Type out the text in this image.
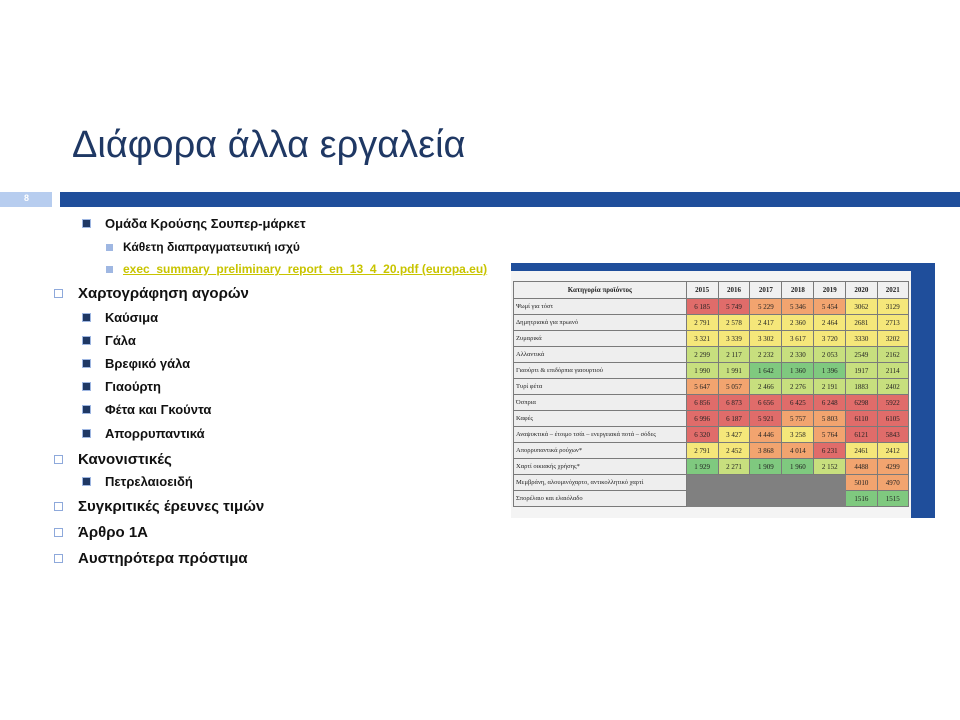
Διάφορα άλλα εργαλεία
8
Ομάδα Κρούσης Σουπερ-μάρκετ
Κάθετη διαπραγματευτική ισχύ
exec_summary_preliminary_report_en_13_4_20.pdf (europa.eu)
Χαρτογράφηση αγορών
Καύσιμα
Γάλα
Βρεφικό γάλα
Γιαούρτη
Φέτα και Γκούντα
Απορρυπαντικά
Κανονιστικές
Πετρελαιοειδή
Συγκριτικές έρευνες τιμών
Άρθρο 1Α
Αυστηρότερα πρόστιμα
Κατηγορία προϊόντος	2015	2016	2017	2018	2019	2020	2021
Ψωμί για τόστ	6 185	5 749	5 229	5 346	5 454	3062	3129
Δημητριακά για πρωινό	2 791	2 578	2 417	2 360	2 464	2681	2713
Ζυμαρικά	3 321	3 339	3 302	3 617	3 720	3330	3202
Αλλαντικά	2 299	2 117	2 232	2 330	2 053	2549	2162
Γιαούρτι & επιδόρπια γιαουρτιού	1 990	1 991	1 642	1 360	1 396	1917	2114
Τυρί φέτα	5 647	5 057	2 466	2 276	2 191	1883	2402
Όσπρια	6 856	6 873	6 656	6 425	6 248	6298	5922
Καφές	6 996	6 187	5 921	5 757	5 803	6110	6105
Αναψυκτικά – έτοιμο τσάι – ενεργειακά ποτά – σόδες	6 320	3 427	4 446	3 258	5 764	6121	5843
Απορρυπαντικά ρούχων*	2 791	2 452	3 868	4 014	6 231	2461	2412
Χαρτί οικιακής χρήσης*	1 929	2 271	1 909	1 960	2 152	4488	4299
Μεμβράνη, αλουμινόχαρτο, αντικολλητικό χαρτί						5010	4970
Σπορέλαιο και ελαιόλαδο						1516	1515
